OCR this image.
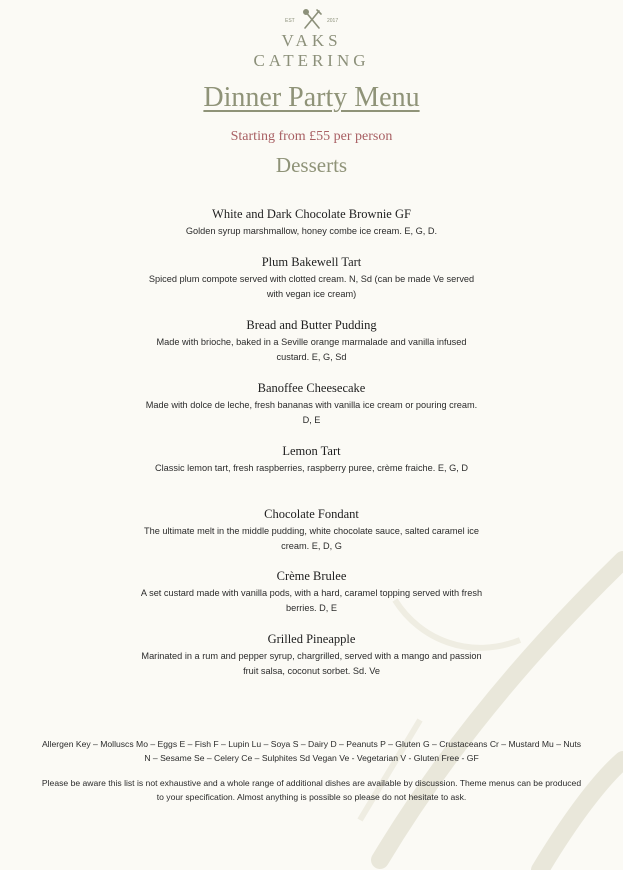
EST	2017
VAKS
CATERING
Dinner Party Menu
Starting from £55 per person
Desserts
White and Dark Chocolate Brownie GF
Golden syrup marshmallow, honey combe ice cream. E, G, D.
Plum Bakewell Tart
Spiced plum compote served with clotted cream. N, Sd (can be made Ve served with vegan ice cream)
Bread and Butter Pudding
Made with brioche, baked in a Seville orange marmalade and vanilla infused custard. E, G, Sd
Banoffee Cheesecake
Made with dolce de leche, fresh bananas with vanilla ice cream or pouring cream. D, E
Lemon Tart
Classic lemon tart, fresh raspberries, raspberry puree, crème fraiche. E, G, D
Chocolate Fondant
The ultimate melt in the middle pudding, white chocolate sauce, salted caramel ice cream. E, D, G
Crème Brulee
A set custard made with vanilla pods, with a hard, caramel topping served with fresh berries. D, E
Grilled Pineapple
Marinated in a rum and pepper syrup, chargrilled, served with a mango and passion fruit salsa, coconut sorbet. Sd. Ve
Allergen Key – Molluscs Mo – Eggs E – Fish F – Lupin Lu – Soya S – Dairy D – Peanuts P – Gluten G – Crustaceans Cr – Mustard Mu – Nuts N – Sesame Se – Celery Ce – Sulphites Sd Vegan Ve - Vegetarian V - Gluten Free - GF
Please be aware this list is not exhaustive and a whole range of additional dishes are available by discussion. Theme menus can be produced to your specification. Almost anything is possible so please do not hesitate to ask.
